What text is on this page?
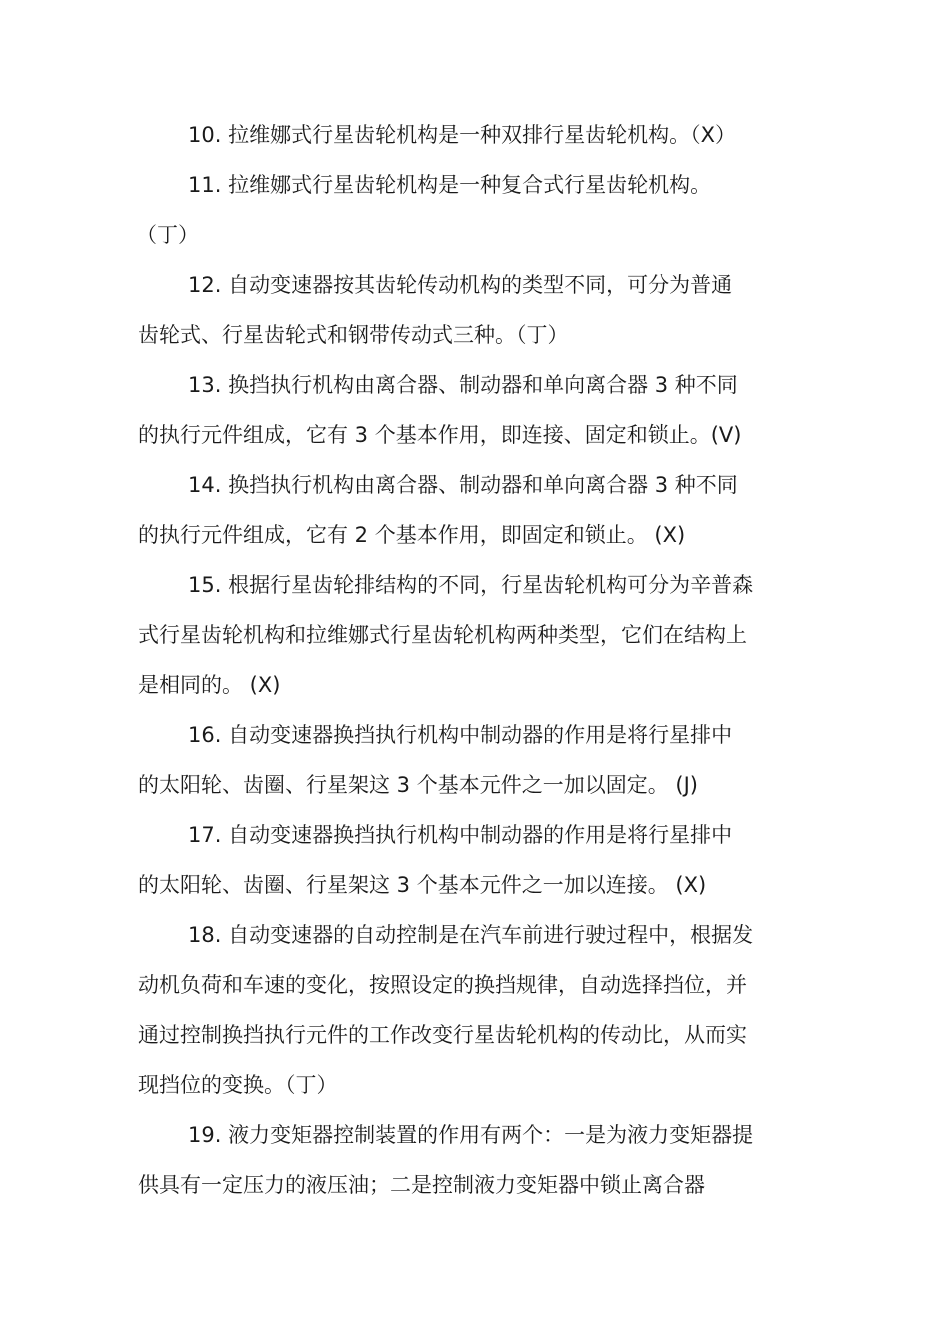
10. 拉维娜式行星齿轮机构是一种双排行星齿轮机构。（X）
11. 拉维娜式行星齿轮机构是一种复合式行星齿轮机构。
（丁）
12. 自动变速器按其齿轮传动机构的类型不同，可分为普通
齿轮式、行星齿轮式和钢带传动式三种。（丁）
13. 换挡执行机构由离合器、制动器和单向离合器 3 种不同
的执行元件组成，它有 3 个基本作用，即连接、固定和锁止。(V)
14. 换挡执行机构由离合器、制动器和单向离合器 3 种不同
的执行元件组成，它有 2 个基本作用，即固定和锁止。 (X)
15. 根据行星齿轮排结构的不同，行星齿轮机构可分为辛普森
式行星齿轮机构和拉维娜式行星齿轮机构两种类型，它们在结构上
是相同的。 (X)
16. 自动变速器换挡执行机构中制动器的作用是将行星排中
的太阳轮、齿圈、行星架这 3 个基本元件之一加以固定。 (J)
17. 自动变速器换挡执行机构中制动器的作用是将行星排中
的太阳轮、齿圈、行星架这 3 个基本元件之一加以连接。 (X)
18. 自动变速器的自动控制是在汽车前进行驶过程中，根据发
动机负荷和车速的变化，按照设定的换挡规律，自动选择挡位，并
通过控制换挡执行元件的工作改变行星齿轮机构的传动比，从而实
现挡位的变换。（丁）
19. 液力变矩器控制装置的作用有两个：一是为液力变矩器提
供具有一定压力的液压油；二是控制液力变矩器中锁止离合器
